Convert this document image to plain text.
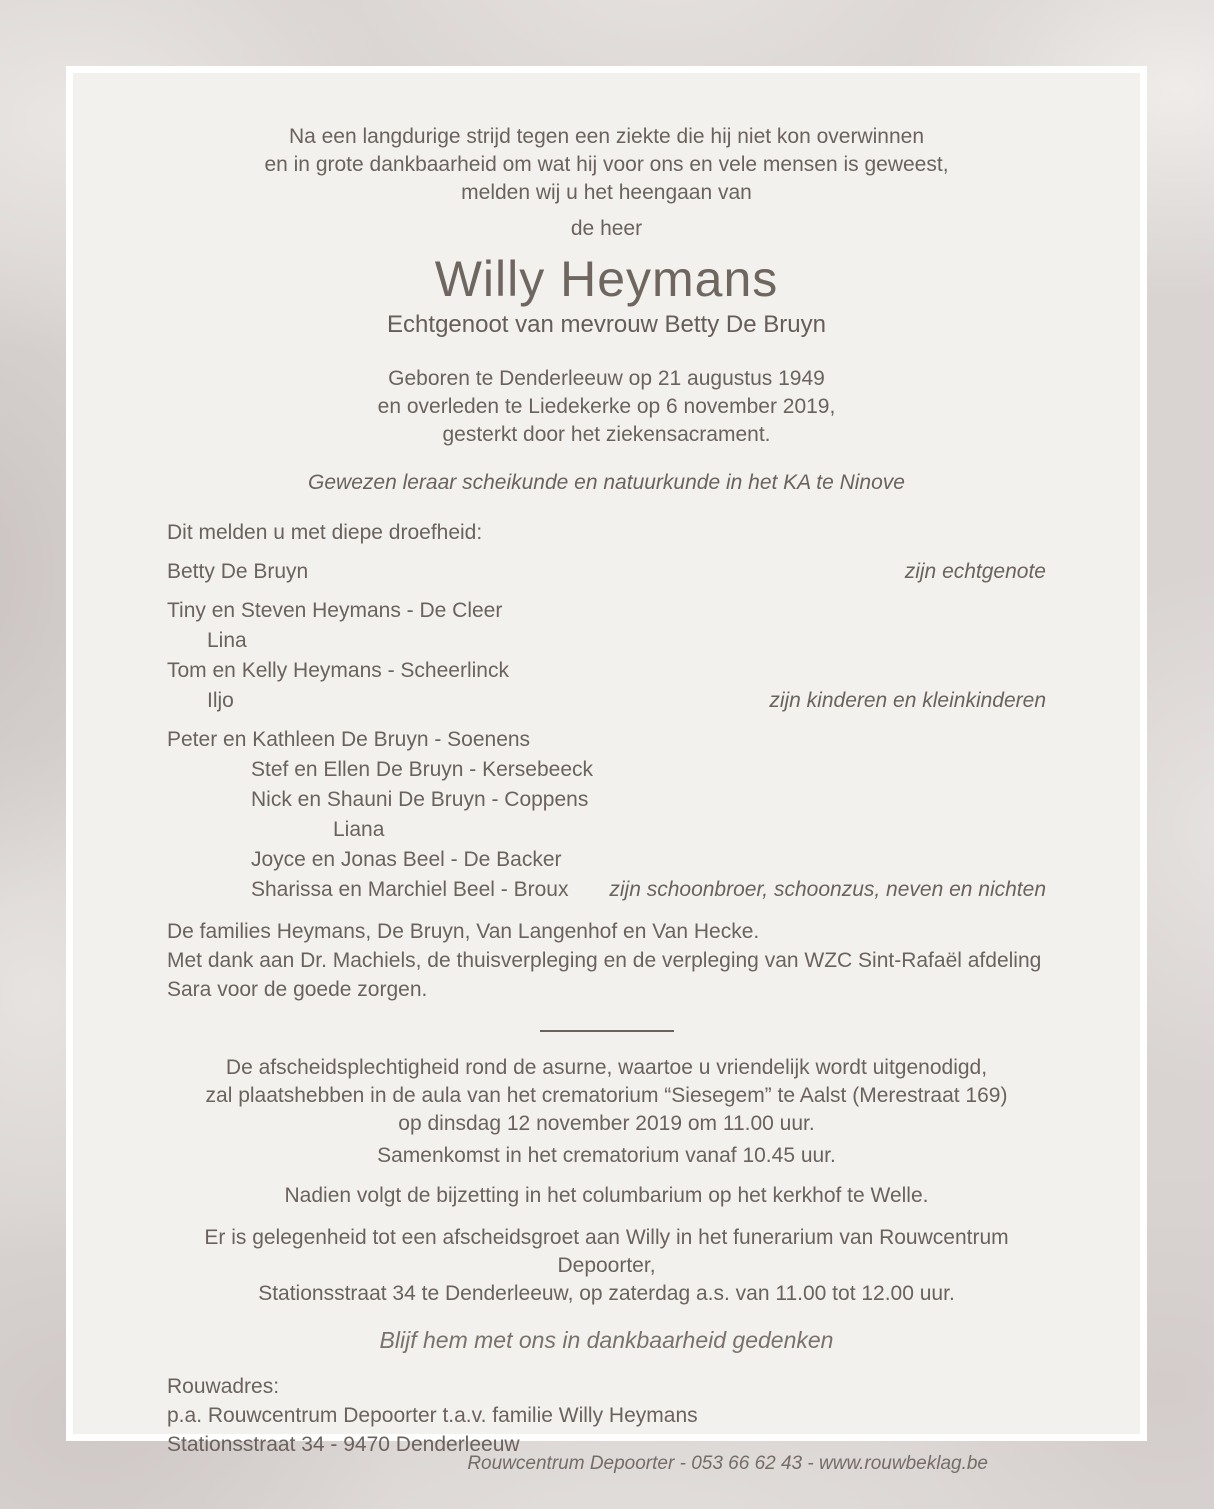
Na een langdurige strijd tegen een ziekte die hij niet kon overwinnen
en in grote dankbaarheid om wat hij voor ons en vele mensen is geweest,
melden wij u het heengaan van
de heer
Willy Heymans
Echtgenoot van mevrouw Betty De Bruyn
Geboren te Denderleeuw op 21 augustus 1949
en overleden te Liedekerke op 6 november 2019,
gesterkt door het ziekensacrament.
Gewezen leraar scheikunde en natuurkunde in het KA te Ninove
Dit melden u met diepe droefheid:
Betty De Bruyn	zijn echtgenote
Tiny en Steven Heymans - De Cleer
Lina
Tom en Kelly Heymans - Scheerlinck
Iljo	zijn kinderen en kleinkinderen
Peter en Kathleen De Bruyn - Soenens
Stef en Ellen De Bruyn - Kersebeeck
Nick en Shauni De Bruyn - Coppens
Liana
Joyce en Jonas Beel - De Backer
Sharissa en Marchiel Beel - Broux zijn schoonbroer, schoonzus, neven en nichten
De families Heymans, De Bruyn, Van Langenhof en Van Hecke.
Met dank aan Dr. Machiels, de thuisverpleging en de verpleging van WZC Sint-Rafaël afdeling
Sara voor de goede zorgen.
De afscheidsplechtigheid rond de asurne, waartoe u vriendelijk wordt uitgenodigd,
zal plaatshebben in de aula van het crematorium “Siesegem” te Aalst (Merestraat 169)
op dinsdag 12 november 2019 om 11.00 uur.
Samenkomst in het crematorium vanaf 10.45 uur.
Nadien volgt de bijzetting in het columbarium op het kerkhof te Welle.
Er is gelegenheid tot een afscheidsgroet aan Willy in het funerarium van Rouwcentrum Depoorter,
Stationsstraat 34 te Denderleeuw, op zaterdag a.s. van 11.00 tot 12.00 uur.
Blijf hem met ons in dankbaarheid gedenken
Rouwadres:
p.a. Rouwcentrum Depoorter t.a.v. familie Willy Heymans
Stationsstraat 34 - 9470 Denderleeuw
Rouwcentrum Depoorter - 053 66 62 43 - www.rouwbeklag.be
